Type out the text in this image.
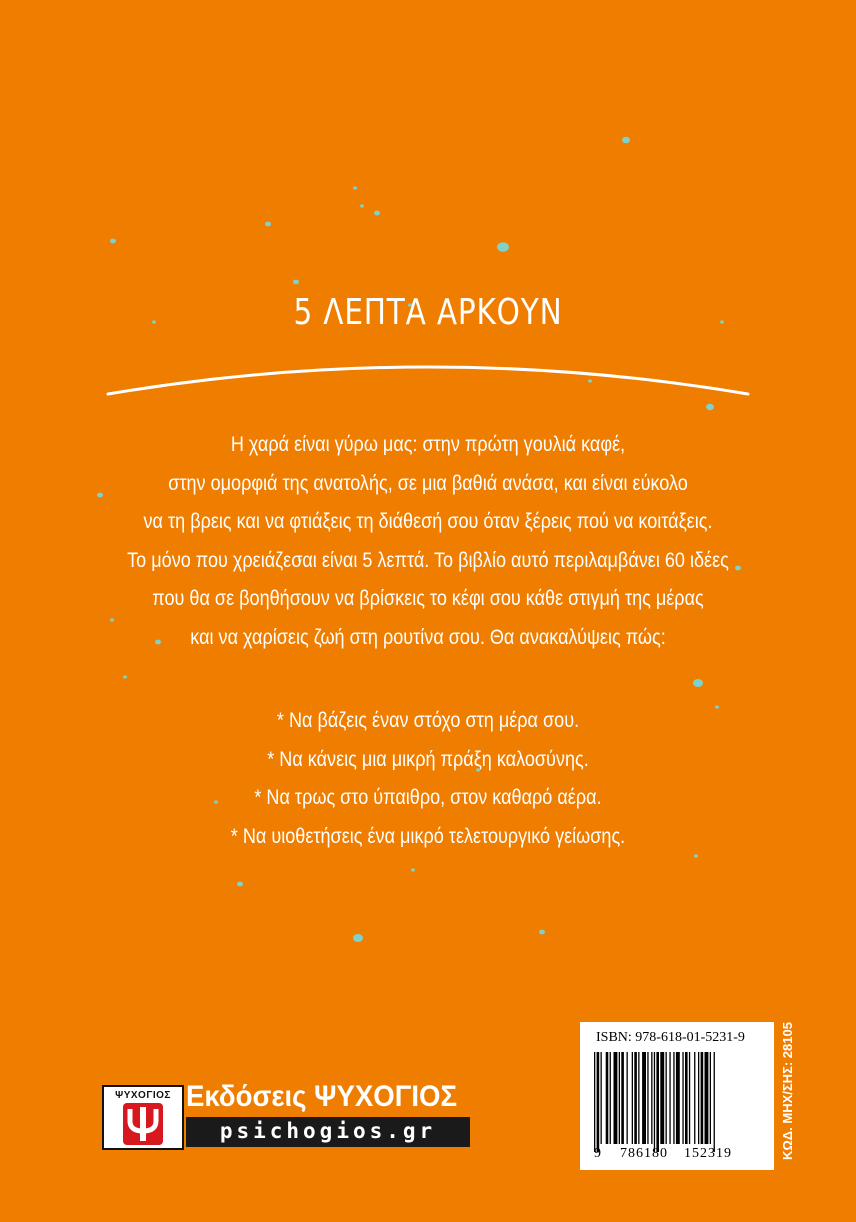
5 ΛΕΠΤΑ ΑΡΚΟΥΝ
Η χαρά είναι γύρω μας: στην πρώτη γουλιά καφέ,
στην ομορφιά της ανατολής, σε μια βαθιά ανάσα, και είναι εύκολο
να τη βρεις και να φτιάξεις τη διάθεσή σου όταν ξέρεις πού να κοιτάξεις.
Το μόνο που χρειάζεσαι είναι 5 λεπτά. Το βιβλίο αυτό περιλαμβάνει 60 ιδέες
που θα σε βοηθήσουν να βρίσκεις το κέφι σου κάθε στιγμή της μέρας
και να χαρίσεις ζωή στη ρουτίνα σου. Θα ανακαλύψεις πώς:
* Να βάζεις έναν στόχο στη μέρα σου.
* Να κάνεις μια μικρή πράξη καλοσύνης.
* Να τρως στο ύπαιθρο, στον καθαρό αέρα.
* Να υιοθετήσεις ένα μικρό τελετουργικό γείωσης.
ΨΥΧΟΓΙΟΣ Εκδόσεις ΨΥΧΟΓΙΟΣ
psichogios.gr
ISBN: 978-618-01-5231-9
9 786180 152319	ΚΩΔ. ΜΗΧ/ΣΗΣ: 28105
